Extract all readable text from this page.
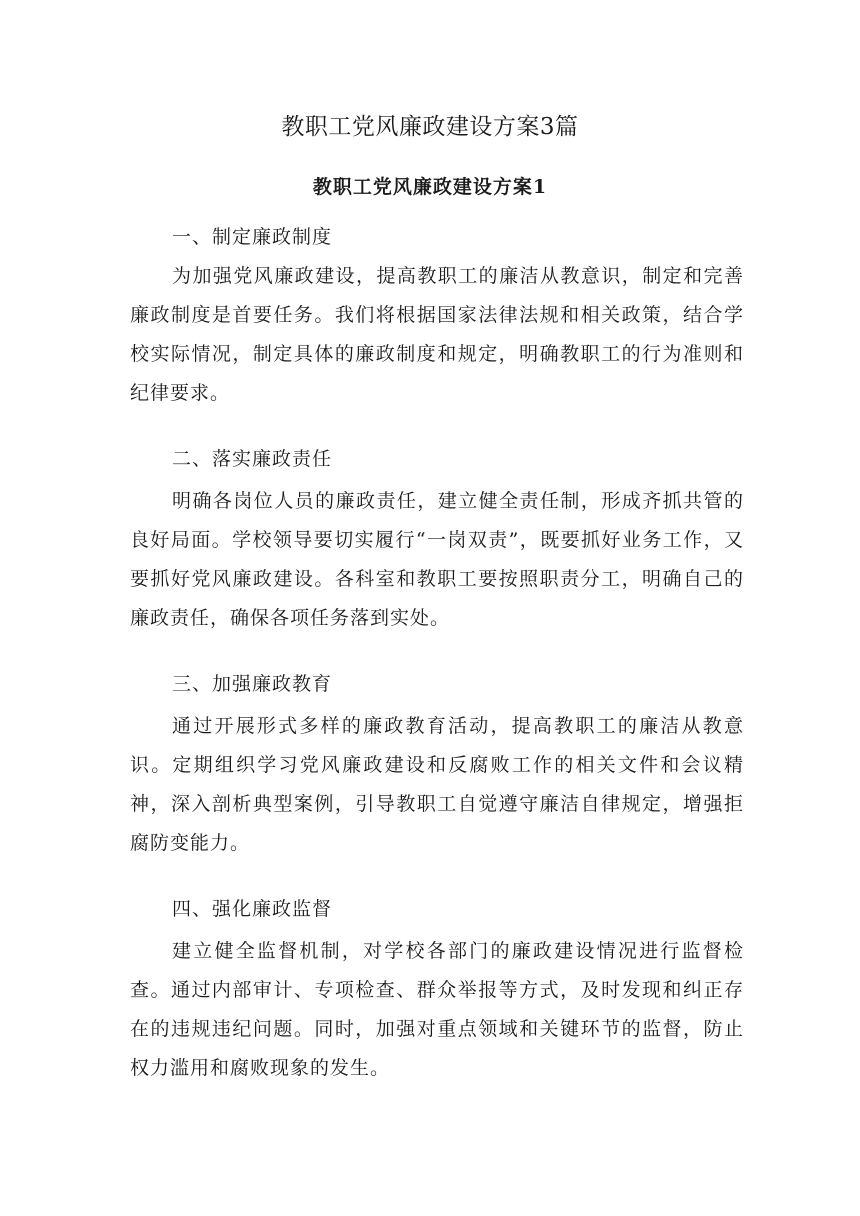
教职工党风廉政建设方案3篇
教职工党风廉政建设方案1

一、制定廉政制度

为加强党风廉政建设，提高教职工的廉洁从教意识，制定和完善廉政制度是首要任务。我们将根据国家法律法规和相关政策，结合学校实际情况，制定具体的廉政制度和规定，明确教职工的行为准则和纪律要求。

二、落实廉政责任

明确各岗位人员的廉政责任，建立健全责任制，形成齐抓共管的良好局面。学校领导要切实履行“一岗双责”，既要抓好业务工作，又要抓好党风廉政建设。各科室和教职工要按照职责分工，明确自己的廉政责任，确保各项任务落到实处。

三、加强廉政教育

通过开展形式多样的廉政教育活动，提高教职工的廉洁从教意识。定期组织学习党风廉政建设和反腐败工作的相关文件和会议精神，深入剖析典型案例，引导教职工自觉遵守廉洁自律规定，增强拒腐防变能力。

四、强化廉政监督

建立健全监督机制，对学校各部门的廉政建设情况进行监督检查。通过内部审计、专项检查、群众举报等方式，及时发现和纠正存在的违规违纪问题。同时，加强对重点领域和关键环节的监督，防止权力滥用和腐败现象的发生。
